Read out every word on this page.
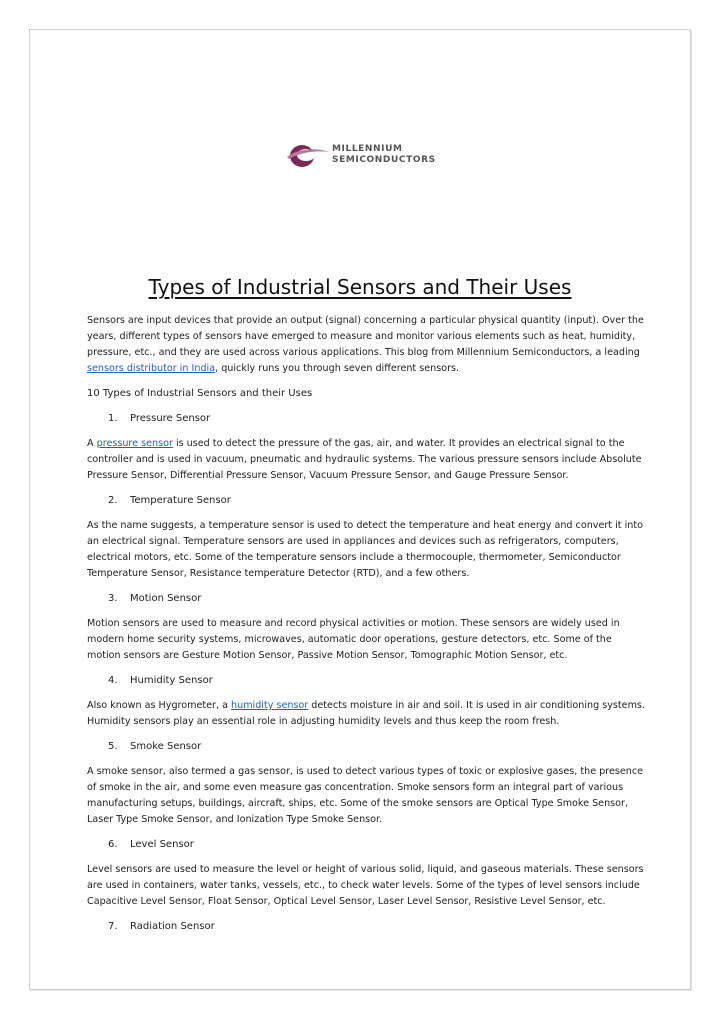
MILLENNIUM
SEMICONDUCTORS
Types of Industrial Sensors and Their Uses

Sensors are input devices that provide an output (signal) concerning a particular physical quantity (input). Over the years, different types of sensors have emerged to measure and monitor various elements such as heat, humidity, pressure, etc., and they are used across various applications. This blog from Millennium Semiconductors, a leading sensors distributor in India, quickly runs you through seven different sensors.

10 Types of Industrial Sensors and their Uses
1. Pressure Sensor

A pressure sensor is used to detect the pressure of the gas, air, and water. It provides an electrical signal to the controller and is used in vacuum, pneumatic and hydraulic systems. The various pressure sensors include Absolute Pressure Sensor, Differential Pressure Sensor, Vacuum Pressure Sensor, and Gauge Pressure Sensor.

2. Temperature Sensor

As the name suggests, a temperature sensor is used to detect the temperature and heat energy and convert it into an electrical signal. Temperature sensors are used in appliances and devices such as refrigerators, computers, electrical motors, etc. Some of the temperature sensors include a thermocouple, thermometer, Semiconductor Temperature Sensor, Resistance temperature Detector (RTD), and a few others.

3. Motion Sensor

Motion sensors are used to measure and record physical activities or motion. These sensors are widely used in modern home security systems, microwaves, automatic door operations, gesture detectors, etc. Some of the motion sensors are Gesture Motion Sensor, Passive Motion Sensor, Tomographic Motion Sensor, etc.

4. Humidity Sensor

Also known as Hygrometer, a humidity sensor detects moisture in air and soil. It is used in air conditioning systems. Humidity sensors play an essential role in adjusting humidity levels and thus keep the room fresh.

5. Smoke Sensor

A smoke sensor, also termed a gas sensor, is used to detect various types of toxic or explosive gases, the presence of smoke in the air, and some even measure gas concentration. Smoke sensors form an integral part of various manufacturing setups, buildings, aircraft, ships, etc. Some of the smoke sensors are Optical Type Smoke Sensor, Laser Type Smoke Sensor, and Ionization Type Smoke Sensor.

6. Level Sensor

Level sensors are used to measure the level or height of various solid, liquid, and gaseous materials. These sensors are used in containers, water tanks, vessels, etc., to check water levels. Some of the types of level sensors include Capacitive Level Sensor, Float Sensor, Optical Level Sensor, Laser Level Sensor, Resistive Level Sensor, etc.

7. Radiation Sensor
